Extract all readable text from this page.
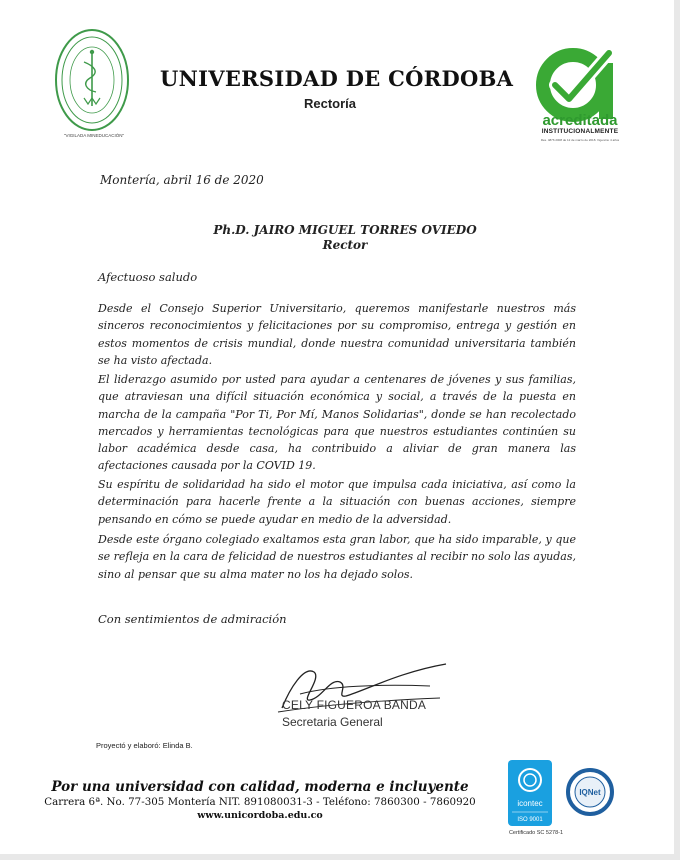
"VIGILADA MINEDUCACIÓN"
UNIVERSIDAD DE CÓRDOBA
Rectoría
acreditada
INSTITUCIONALMENTE
Res. 4876 2008 de 12 de marzo de 2018. Vigencia: 4 años
Montería, abril 16 de 2020
Ph.D. JAIRO MIGUEL TORRES OVIEDO
Rector
Afectuoso saludo
Desde el Consejo Superior Universitario, queremos manifestarle nuestros más sinceros reconocimientos y felicitaciones por su compromiso, entrega y gestión en estos momentos de crisis mundial, donde nuestra comunidad universitaria también se ha visto afectada.
El liderazgo asumido por usted para ayudar a centenares de jóvenes y sus familias, que atraviesan una difícil situación económica y social, a través de la puesta en marcha de la campaña "Por Ti, Por Mí, Manos Solidarias", donde se han recolectado mercados y herramientas tecnológicas para que nuestros estudiantes continúen su labor académica desde casa, ha contribuido a aliviar de gran manera las afectaciones causada por la COVID 19.
Su espíritu de solidaridad ha sido el motor que impulsa cada iniciativa, así como la determinación para hacerle frente a la situación con buenas acciones, siempre pensando en cómo se puede ayudar en medio de la adversidad.
Desde este órgano colegiado exaltamos esta gran labor, que ha sido imparable, y que se refleja en la cara de felicidad de nuestros estudiantes al recibir no solo las ayudas, sino al pensar que su alma mater no los ha dejado solos.
Con sentimientos de admiración
CELY FIGUEROA BANDA
Secretaria General
Proyectó y elaboró: Elinda B.
Por una universidad con calidad, moderna e incluyente
Carrera 6ª. No. 77-305 Montería NIT. 891080031-3 - Teléfono: 7860300 - 7860920
www.unicordoba.edu.co
icontec
ISO 9001
IQNet
Certificado SC 5278-1
